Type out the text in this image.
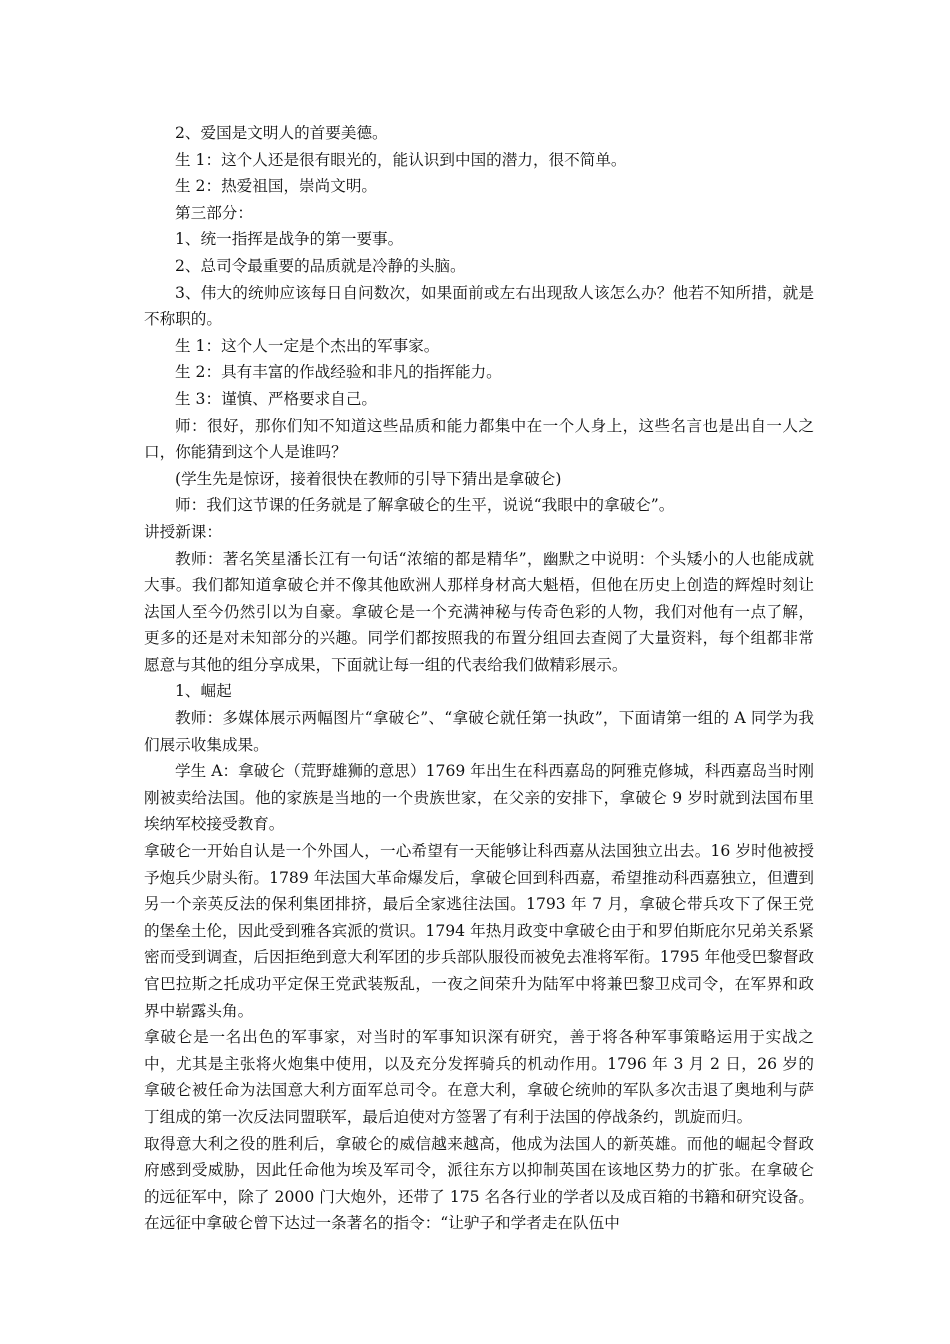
2、爱国是文明人的首要美德。

生 1：这个人还是很有眼光的，能认识到中国的潜力，很不简单。

生 2：热爱祖国，崇尚文明。

第三部分：

1、统一指挥是战争的第一要事。

2、总司令最重要的品质就是冷静的头脑。

3、伟大的统帅应该每日自问数次，如果面前或左右出现敌人该怎么办？他若不知所措，就是不称职的。

生 1：这个人一定是个杰出的军事家。

生 2：具有丰富的作战经验和非凡的指挥能力。

生 3：谨慎、严格要求自己。

师：很好，那你们知不知道这些品质和能力都集中在一个人身上，这些名言也是出自一人之口，你能猜到这个人是谁吗？

(学生先是惊讶，接着很快在教师的引导下猜出是拿破仑)

师：我们这节课的任务就是了解拿破仑的生平，说说“我眼中的拿破仑”。

讲授新课：

教师：著名笑星潘长江有一句话“浓缩的都是精华”，幽默之中说明：个头矮小的人也能成就大事。我们都知道拿破仑并不像其他欧洲人那样身材高大魁梧，但他在历史上创造的辉煌时刻让法国人至今仍然引以为自豪。拿破仑是一个充满神秘与传奇色彩的人物，我们对他有一点了解，更多的还是对未知部分的兴趣。同学们都按照我的布置分组回去查阅了大量资料，每个组都非常愿意与其他的组分享成果，下面就让每一组的代表给我们做精彩展示。

1、崛起

教师：多媒体展示两幅图片“拿破仑”、“拿破仑就任第一执政”，下面请第一组的 A 同学为我们展示收集成果。

学生 A：拿破仑（荒野雄狮的意思）1769 年出生在科西嘉岛的阿雅克修城，科西嘉岛当时刚刚被卖给法国。他的家族是当地的一个贵族世家，在父亲的安排下，拿破仑 9 岁时就到法国布里埃纳军校接受教育。

拿破仑一开始自认是一个外国人，一心希望有一天能够让科西嘉从法国独立出去。16 岁时他被授予炮兵少尉头衔。1789 年法国大革命爆发后，拿破仑回到科西嘉，希望推动科西嘉独立，但遭到另一个亲英反法的保利集团排挤，最后全家逃往法国。1793 年 7 月，拿破仑带兵攻下了保王党的堡垒土伦，因此受到雅各宾派的赏识。1794 年热月政变中拿破仑由于和罗伯斯庇尔兄弟关系紧密而受到调查，后因拒绝到意大利军团的步兵部队服役而被免去准将军衔。1795 年他受巴黎督政官巴拉斯之托成功平定保王党武装叛乱，一夜之间荣升为陆军中将兼巴黎卫戍司令，在军界和政界中崭露头角。

拿破仑是一名出色的军事家，对当时的军事知识深有研究，善于将各种军事策略运用于实战之中，尤其是主张将火炮集中使用，以及充分发挥骑兵的机动作用。1796 年 3 月 2 日，26 岁的拿破仑被任命为法国意大利方面军总司令。在意大利，拿破仑统帅的军队多次击退了奥地利与萨丁组成的第一次反法同盟联军，最后迫使对方签署了有利于法国的停战条约，凯旋而归。

取得意大利之役的胜利后，拿破仑的威信越来越高，他成为法国人的新英雄。而他的崛起令督政府感到受威胁，因此任命他为埃及军司令，派往东方以抑制英国在该地区势力的扩张。在拿破仑的远征军中，除了 2000 门大炮外，还带了 175 名各行业的学者以及成百箱的书籍和研究设备。在远征中拿破仑曾下达过一条著名的指令：“让驴子和学者走在队伍中
